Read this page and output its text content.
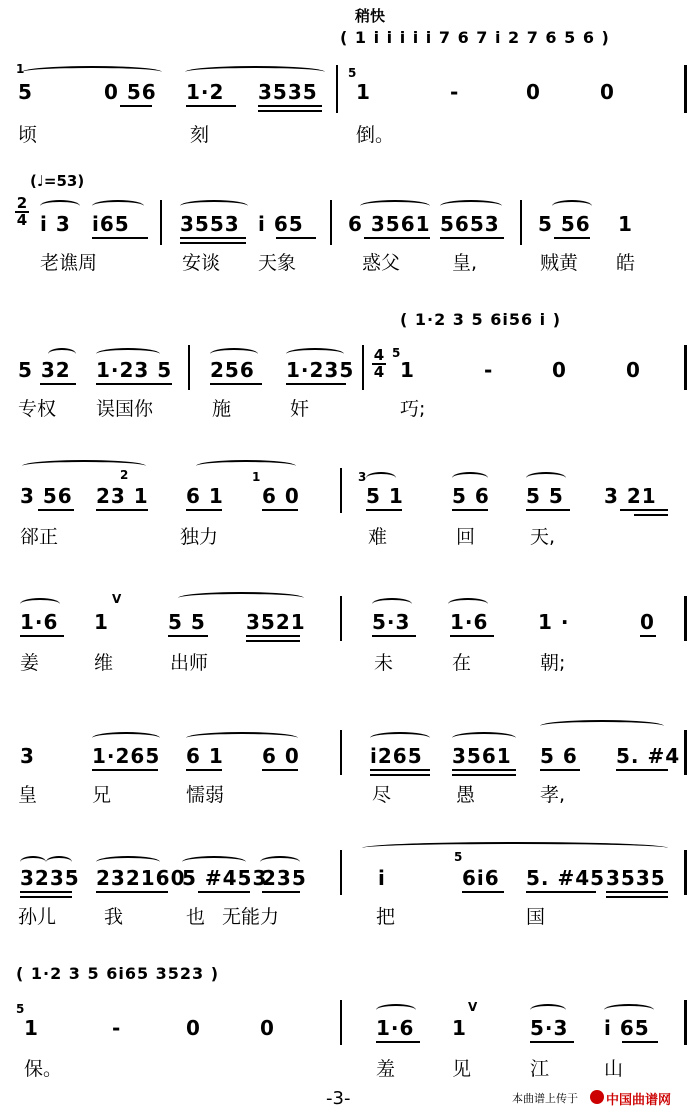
稍快
( 1 i i i i i 7 6 7 i 2 7 6 5 6 )
1
5	0 56 1·2 3535
5
1	-	0	0
顷	刻	倒。
(♩=53)
2
4 i 3 i65	3553 i 65 6 3561 5653 5 56 1
老谯周	安谈 天象	惑父	皇,	贼黄 皓
( 1·2 3 5 6i56 i )
5 32 1·23 5 256 1·235
4
4
5
1	-	0	0
专权 误国你	施	奸	巧;
3 56
2
23 1 6 1
1
6 0
3
5 1 5 6 5 5 3 21
郤正	独力	难	回	天,
V
1·6 1	5 5 3521	5·3 1·6 1 ·	0
姜	维	出师	未	在	朝;
3	1·265 6 1 6 0	i265 3561 5 6 5. #4
皇	兄	懦弱	尽	愚	孝,
3235 232160
5 #453
235	i
5
6i6 5. #45 3535
孙儿	我	也 无能力	把	国
( 1·2 3 5 6i65 3523 )
5
1	-	0	0
V
1·6 1	5·3 i 65
保。	羞	见	江	山
-3-	本曲谱上传于 中国曲谱网
